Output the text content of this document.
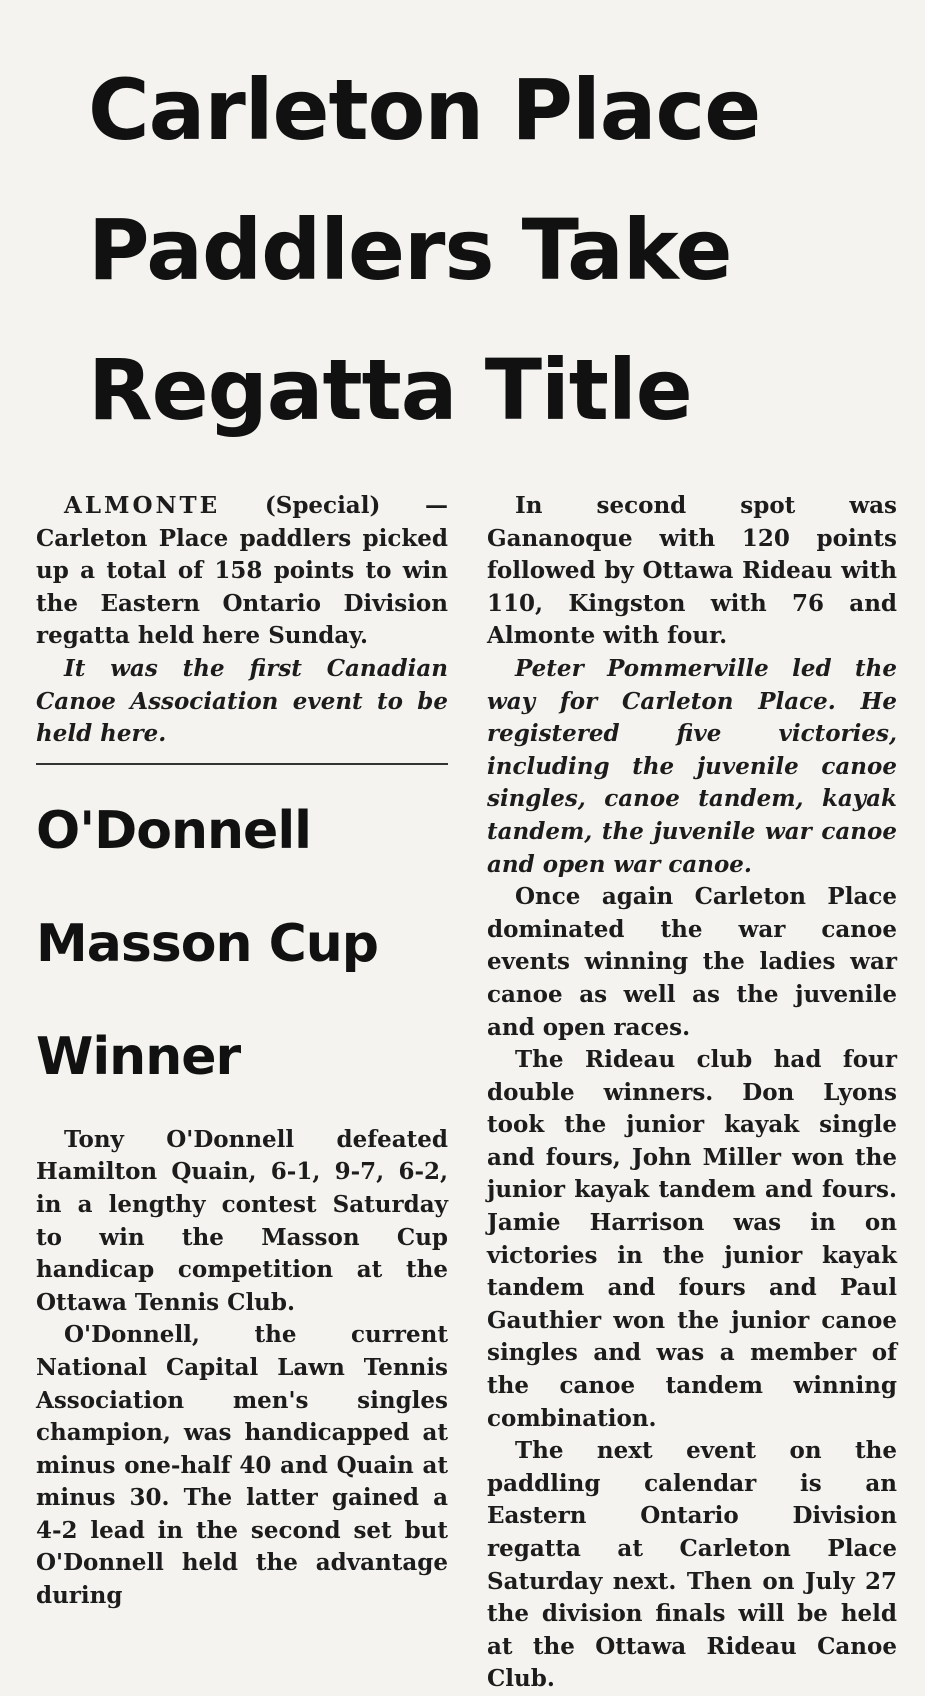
Carleton Place
Paddlers Take
Regatta Title

ALMONTE (Special) — Carleton Place paddlers picked up a total of 158 points to win the Eastern Ontario Division regatta held here Sunday.

It was the first Canadian Canoe Association event to be held here.

O'Donnell
Masson Cup
Winner

Tony O'Donnell defeated Hamilton Quain, 6-1, 9-7, 6-2, in a lengthy contest Saturday to win the Masson Cup handicap competition at the Ottawa Tennis Club.

O'Donnell, the current National Capital Lawn Tennis Association men's singles champion, was handicapped at minus one-half 40 and Quain at minus 30. The latter gained a 4-2 lead in the second set but O'Donnell held the advantage during

In second spot was Gananoque with 120 points followed by Ottawa Rideau with 110, Kingston with 76 and Almonte with four.

Peter Pommerville led the way for Carleton Place. He registered five victories, including the juvenile canoe singles, canoe tandem, kayak tandem, the juvenile war canoe and open war canoe.

Once again Carleton Place dominated the war canoe events winning the ladies war canoe as well as the juvenile and open races.

The Rideau club had four double winners. Don Lyons took the junior kayak single and fours, John Miller won the junior kayak tandem and fours. Jamie Harrison was in on victories in the junior kayak tandem and fours and Paul Gauthier won the junior canoe singles and was a member of the canoe tandem winning combination.

The next event on the paddling calendar is an Eastern Ontario Division regatta at Carleton Place Saturday next. Then on July 27 the division finals will be held at the Ottawa Rideau Canoe Club.
